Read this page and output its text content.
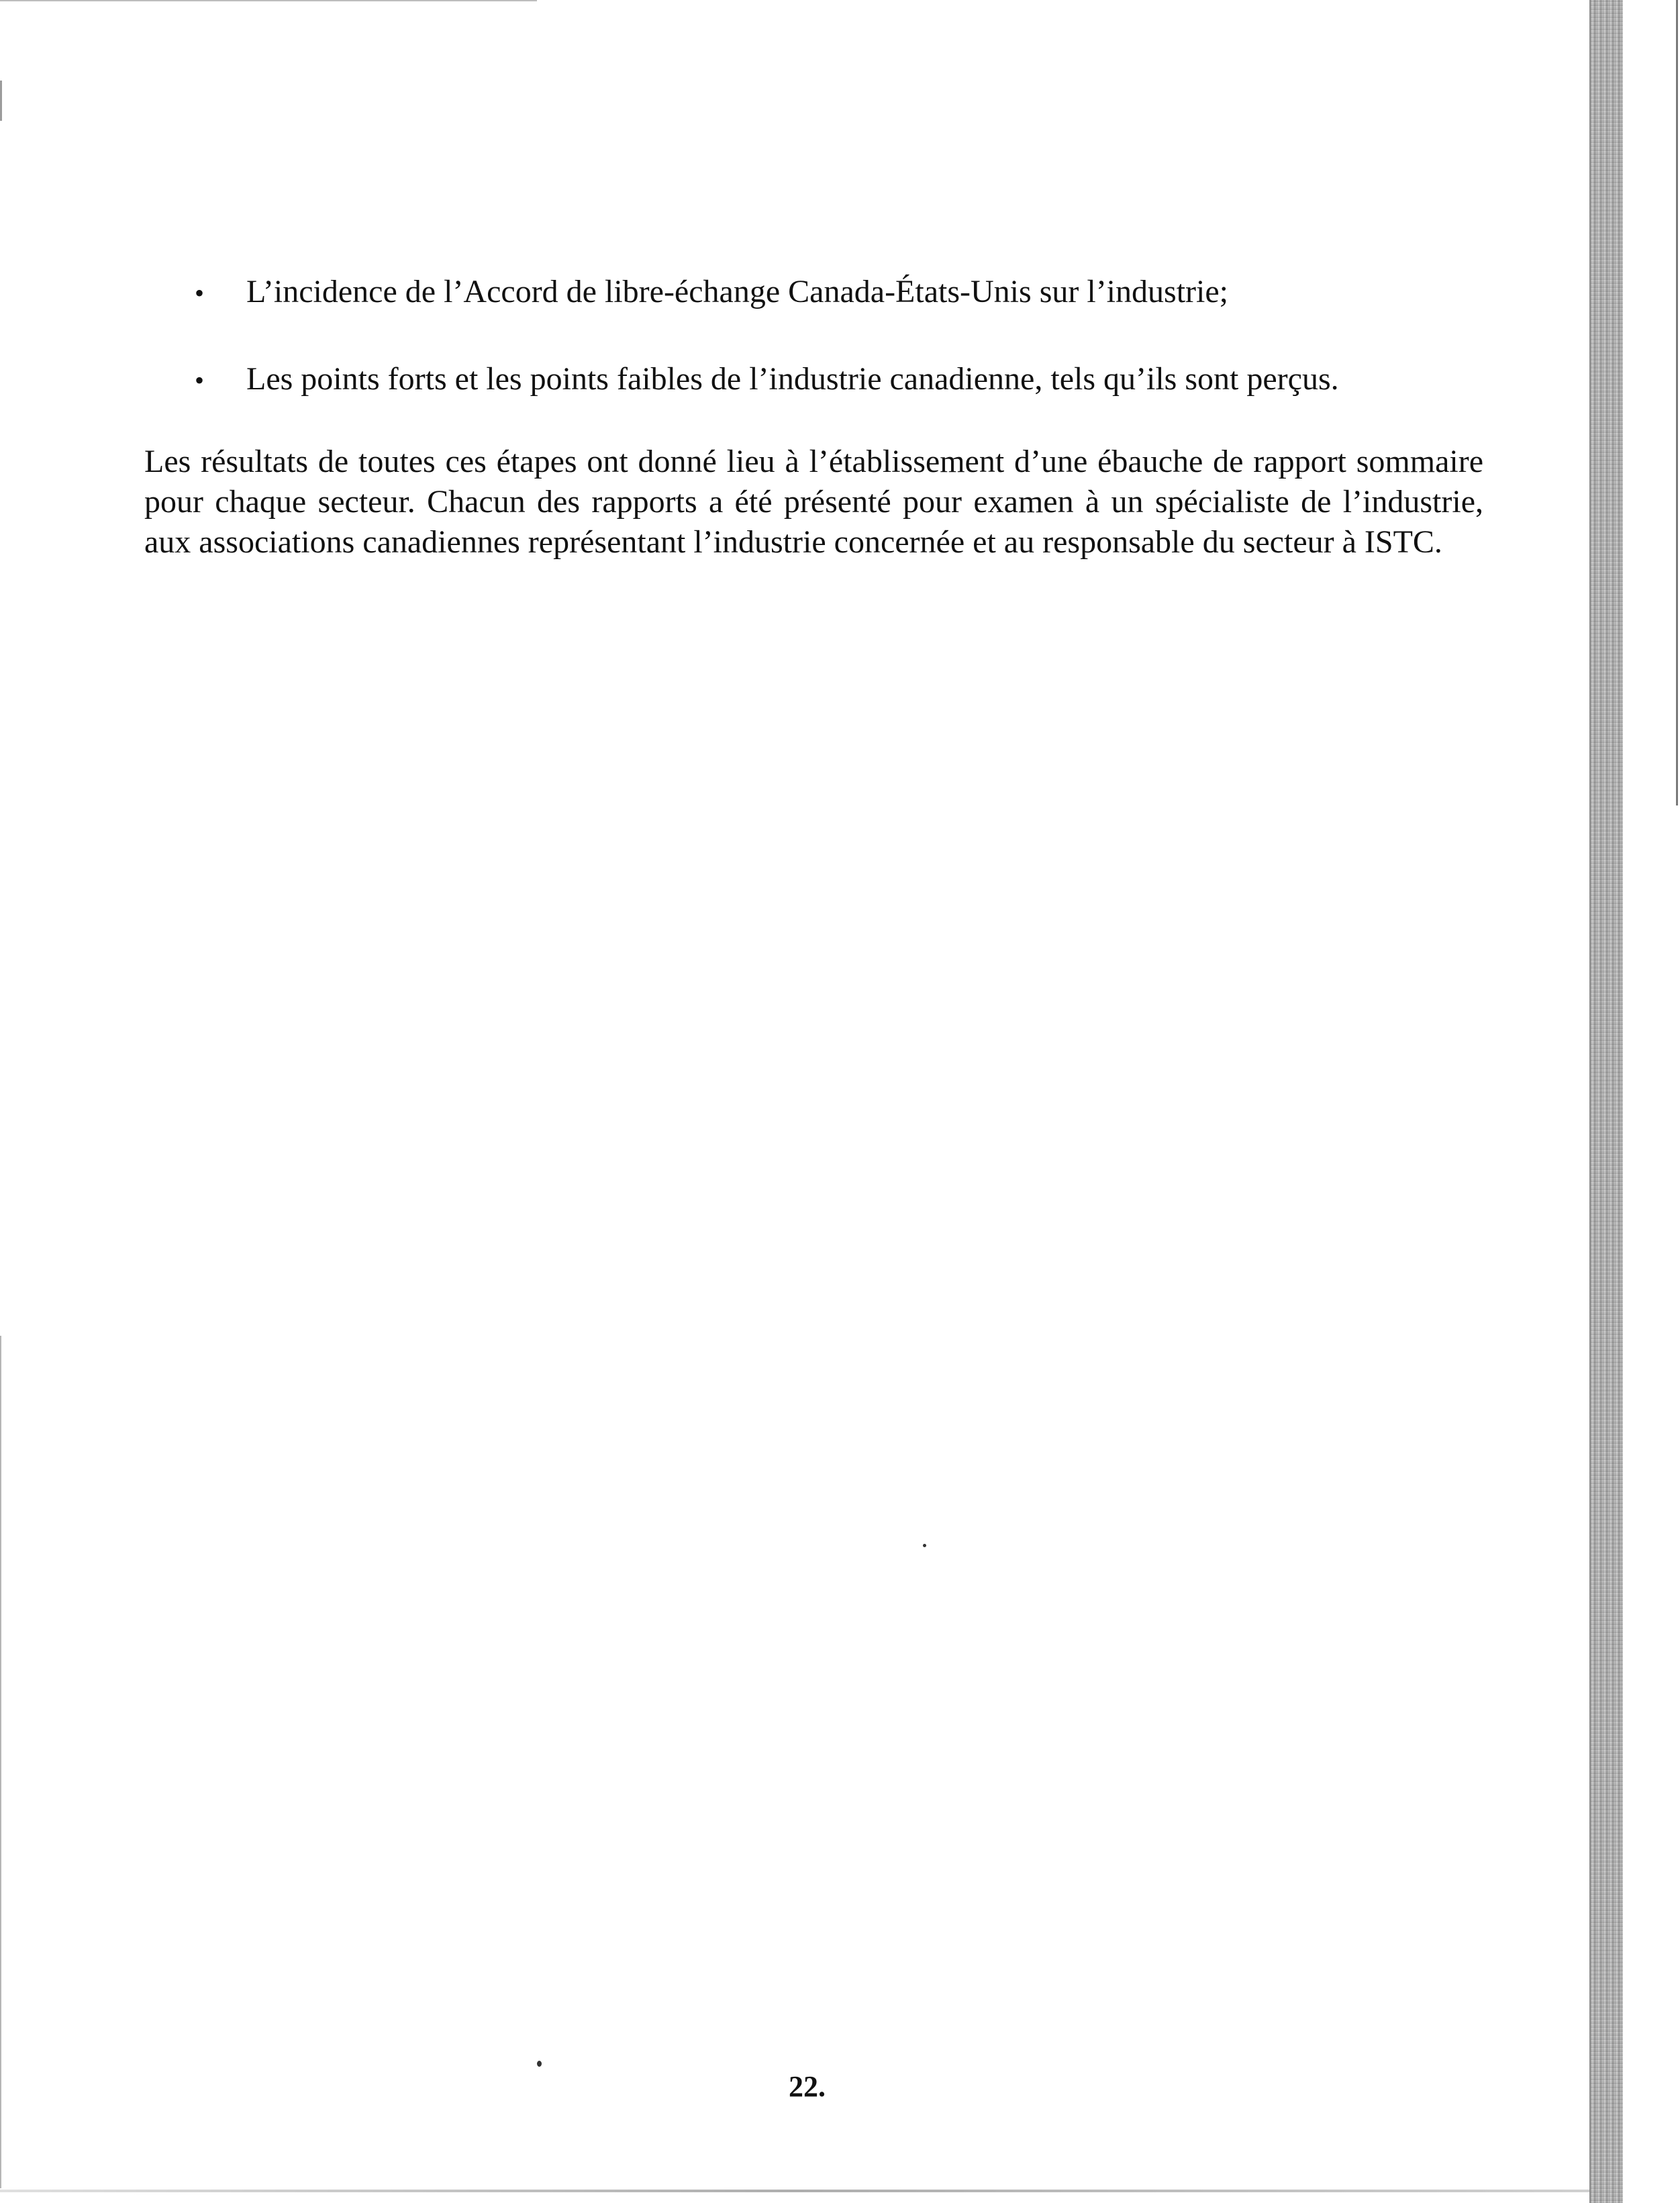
• L’incidence de l’Accord de libre-échange Canada-États-Unis sur l’industrie;
• Les points forts et les points faibles de l’industrie canadienne, tels qu’ils sont perçus.
Les résultats de toutes ces étapes ont donné lieu à l’établissement d’une ébauche de rapport sommaire pour chaque secteur. Chacun des rapports a été présenté pour examen à un spécialiste de l’industrie, aux associations canadiennes représentant l’industrie concernée et au responsable du secteur à ISTC.
22.
